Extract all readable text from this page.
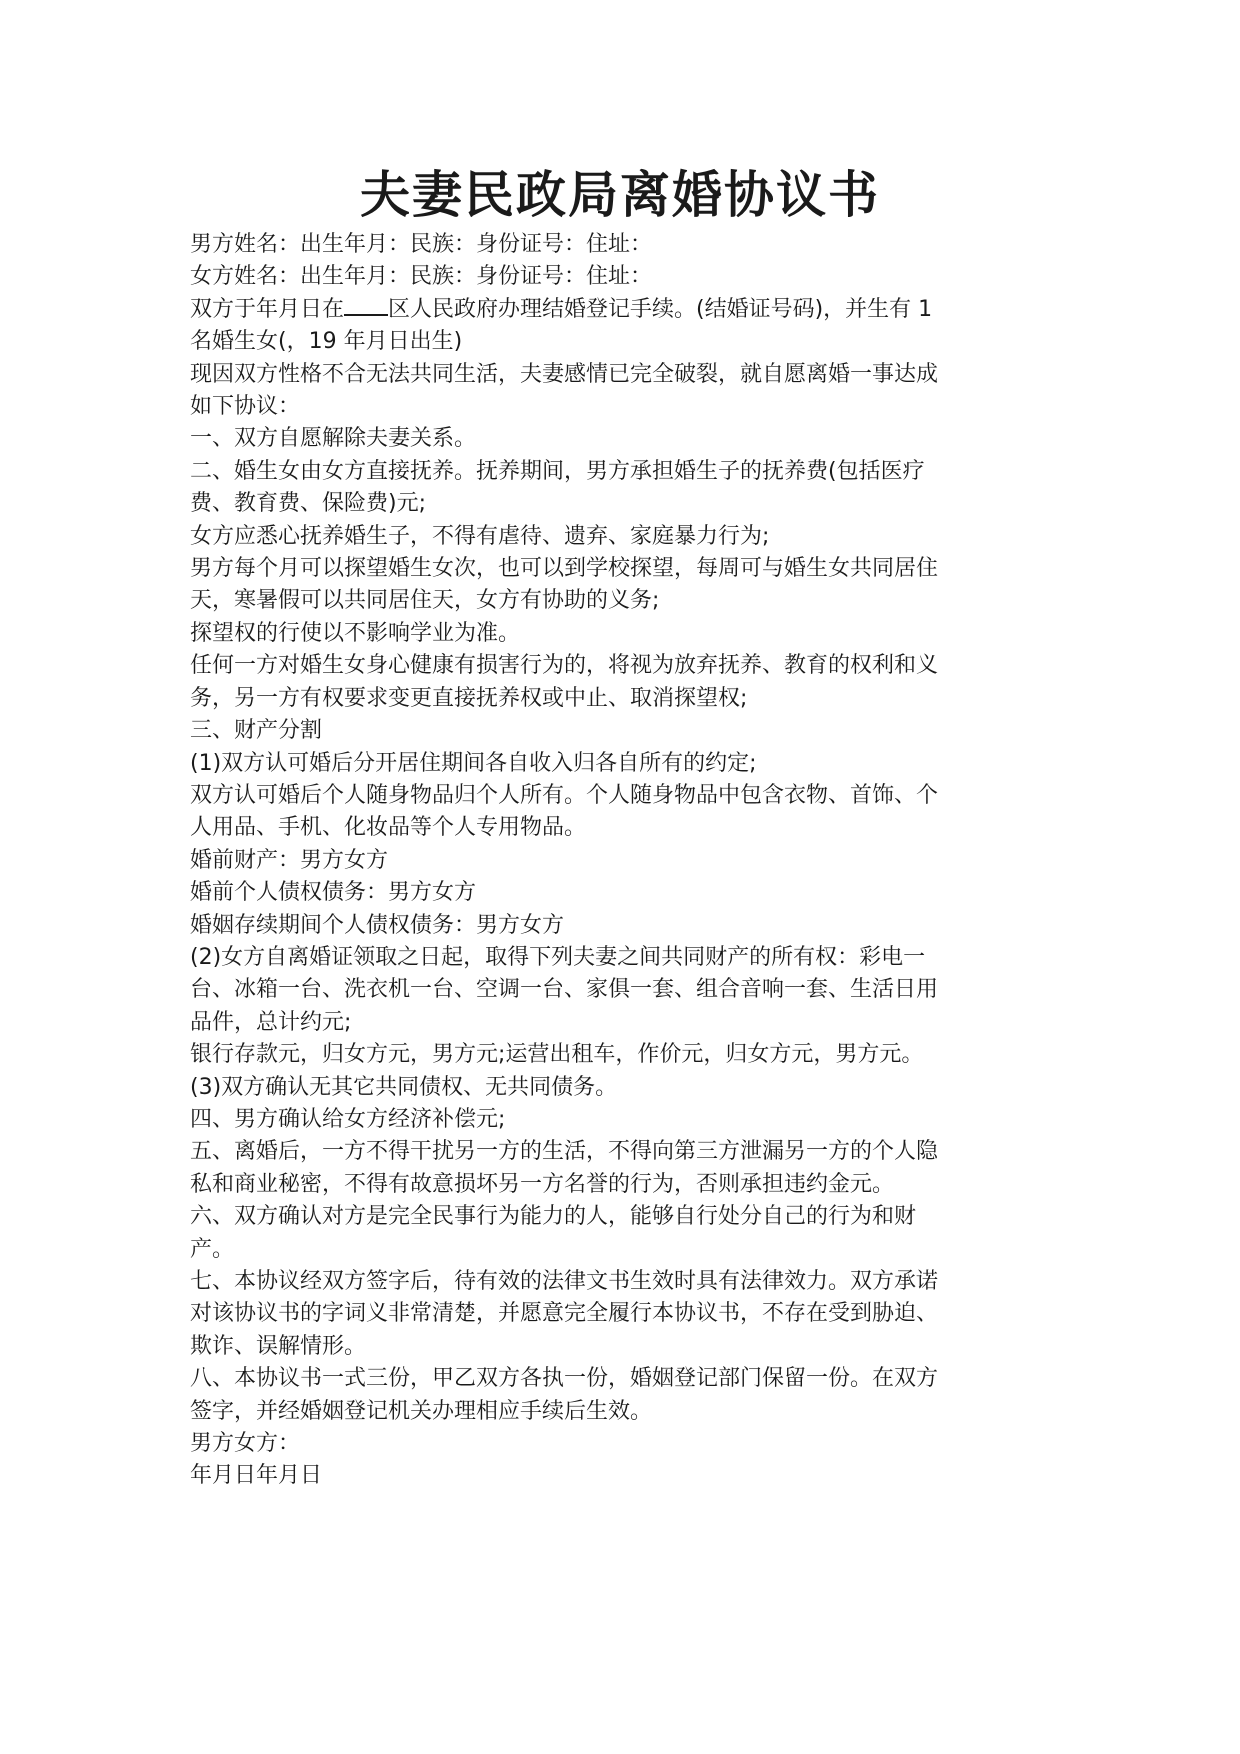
夫妻民政局离婚协议书

男方姓名：出生年月：民族：身份证号：住址：

女方姓名：出生年月：民族：身份证号：住址：

双方于年月日在 区人民政府办理结婚登记手续。(结婚证号码)，并生有 1

名婚生女(，19 年月日出生)

现因双方性格不合无法共同生活，夫妻感情已完全破裂，就自愿离婚一事达成

如下协议：

一、双方自愿解除夫妻关系。

二、婚生女由女方直接抚养。抚养期间，男方承担婚生子的抚养费(包括医疗

费、教育费、保险费)元;

女方应悉心抚养婚生子，不得有虐待、遗弃、家庭暴力行为;

男方每个月可以探望婚生女次，也可以到学校探望，每周可与婚生女共同居住

天，寒暑假可以共同居住天，女方有协助的义务;

探望权的行使以不影响学业为准。

任何一方对婚生女身心健康有损害行为的，将视为放弃抚养、教育的权利和义

务，另一方有权要求变更直接抚养权或中止、取消探望权;

三、财产分割

(1)双方认可婚后分开居住期间各自收入归各自所有的约定;

双方认可婚后个人随身物品归个人所有。个人随身物品中包含衣物、首饰、个

人用品、手机、化妆品等个人专用物品。

婚前财产：男方女方

婚前个人债权债务：男方女方

婚姻存续期间个人债权债务：男方女方

(2)女方自离婚证领取之日起，取得下列夫妻之间共同财产的所有权：彩电一

台、冰箱一台、洗衣机一台、空调一台、家俱一套、组合音响一套、生活日用

品件，总计约元;

银行存款元，归女方元，男方元;运营出租车，作价元，归女方元，男方元。

(3)双方确认无其它共同债权、无共同债务。

四、男方确认给女方经济补偿元;

五、离婚后，一方不得干扰另一方的生活，不得向第三方泄漏另一方的个人隐

私和商业秘密，不得有故意损坏另一方名誉的行为，否则承担违约金元。

六、双方确认对方是完全民事行为能力的人，能够自行处分自己的行为和财

产。

七、本协议经双方签字后，待有效的法律文书生效时具有法律效力。双方承诺

对该协议书的字词义非常清楚，并愿意完全履行本协议书，不存在受到胁迫、

欺诈、误解情形。

八、本协议书一式三份，甲乙双方各执一份，婚姻登记部门保留一份。在双方

签字，并经婚姻登记机关办理相应手续后生效。

男方女方：

年月日年月日
